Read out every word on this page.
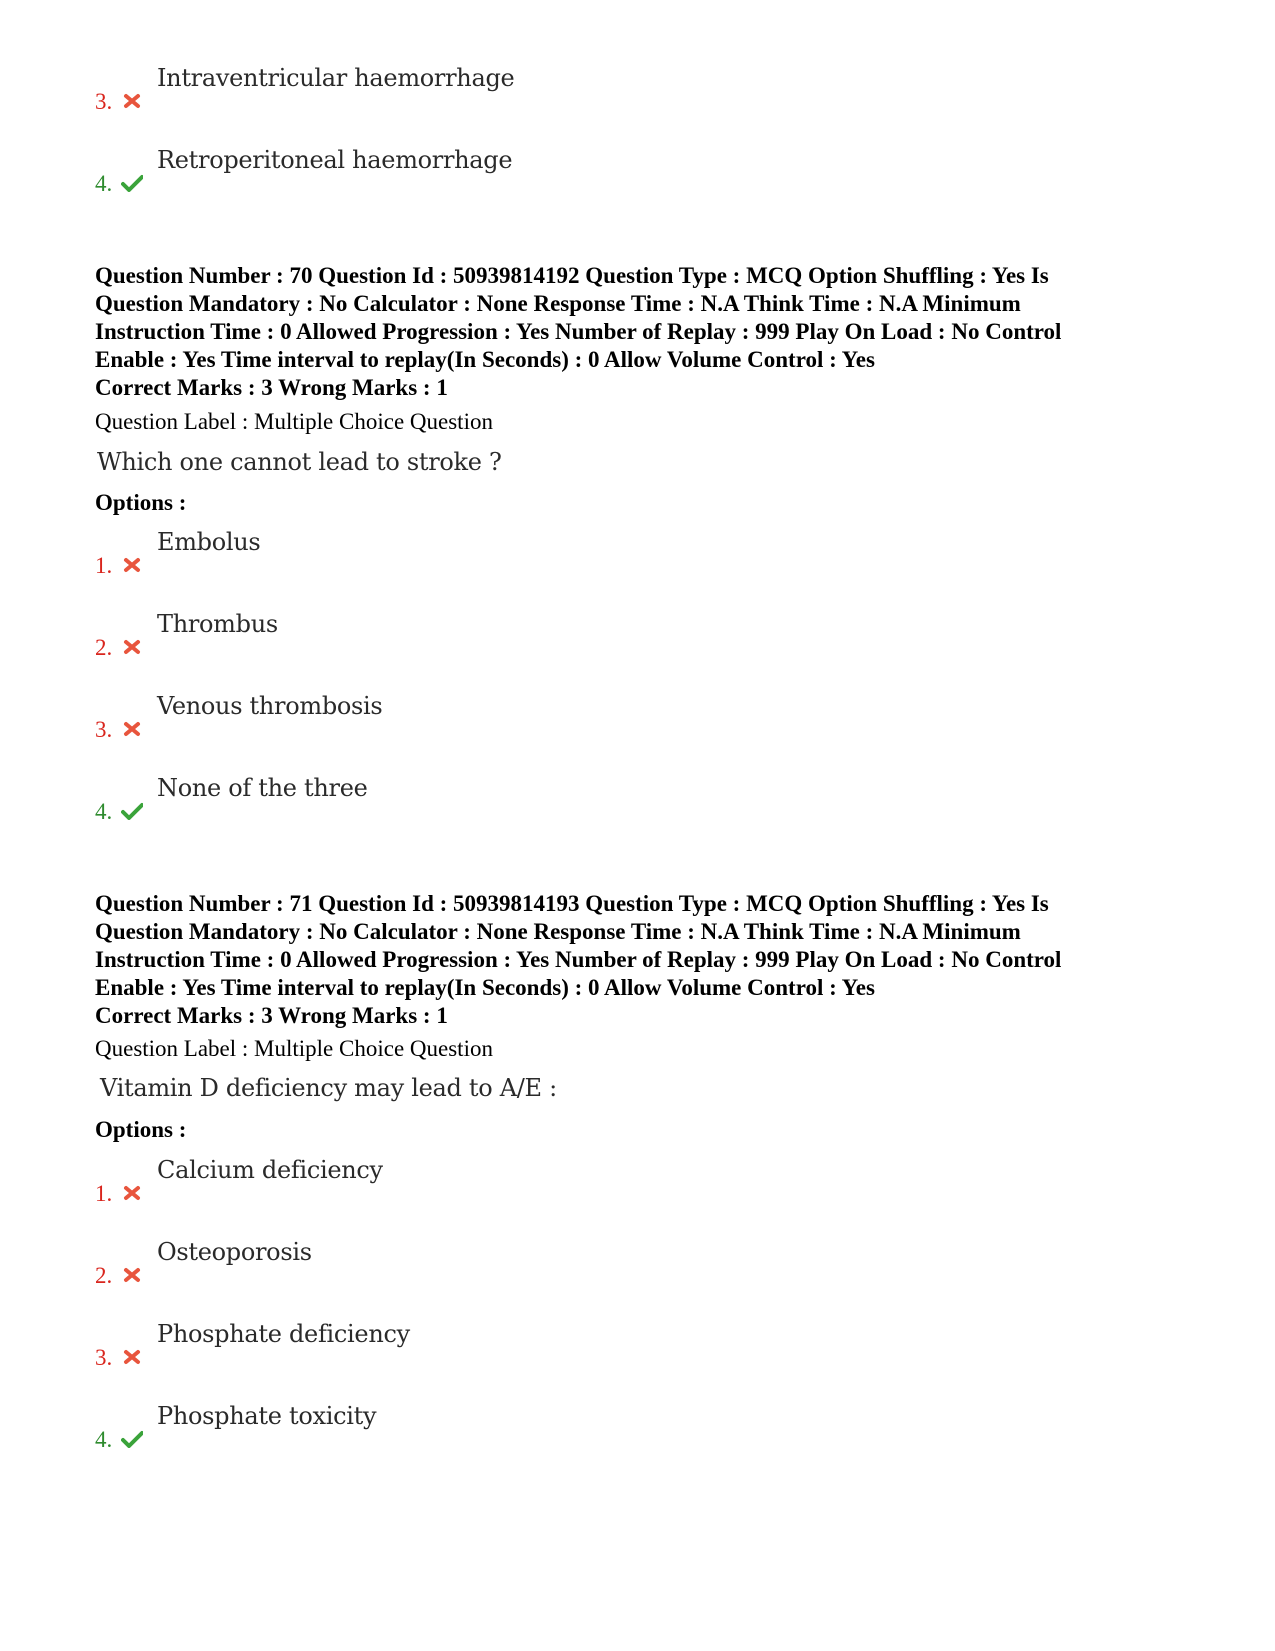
3.
Intraventricular haemorrhage
4.
Retroperitoneal haemorrhage
Question Number : 70 Question Id : 50939814192 Question Type : MCQ Option Shuffling : Yes Is
Question Mandatory : No Calculator : None Response Time : N.A Think Time : N.A Minimum
Instruction Time : 0 Allowed Progression : Yes Number of Replay : 999 Play On Load : No Control
Enable : Yes Time interval to replay(In Seconds) : 0 Allow Volume Control : Yes
Correct Marks : 3 Wrong Marks : 1
Question Label : Multiple Choice Question
Which one cannot lead to stroke ?
Options :
1.
Embolus
2.
Thrombus
3.
Venous thrombosis
4.
None of the three
Question Number : 71 Question Id : 50939814193 Question Type : MCQ Option Shuffling : Yes Is
Question Mandatory : No Calculator : None Response Time : N.A Think Time : N.A Minimum
Instruction Time : 0 Allowed Progression : Yes Number of Replay : 999 Play On Load : No Control
Enable : Yes Time interval to replay(In Seconds) : 0 Allow Volume Control : Yes
Correct Marks : 3 Wrong Marks : 1
Question Label : Multiple Choice Question
Vitamin D deficiency may lead to A/E :
Options :
1.
Calcium deficiency
2.
Osteoporosis
3.
Phosphate deficiency
4.
Phosphate toxicity
